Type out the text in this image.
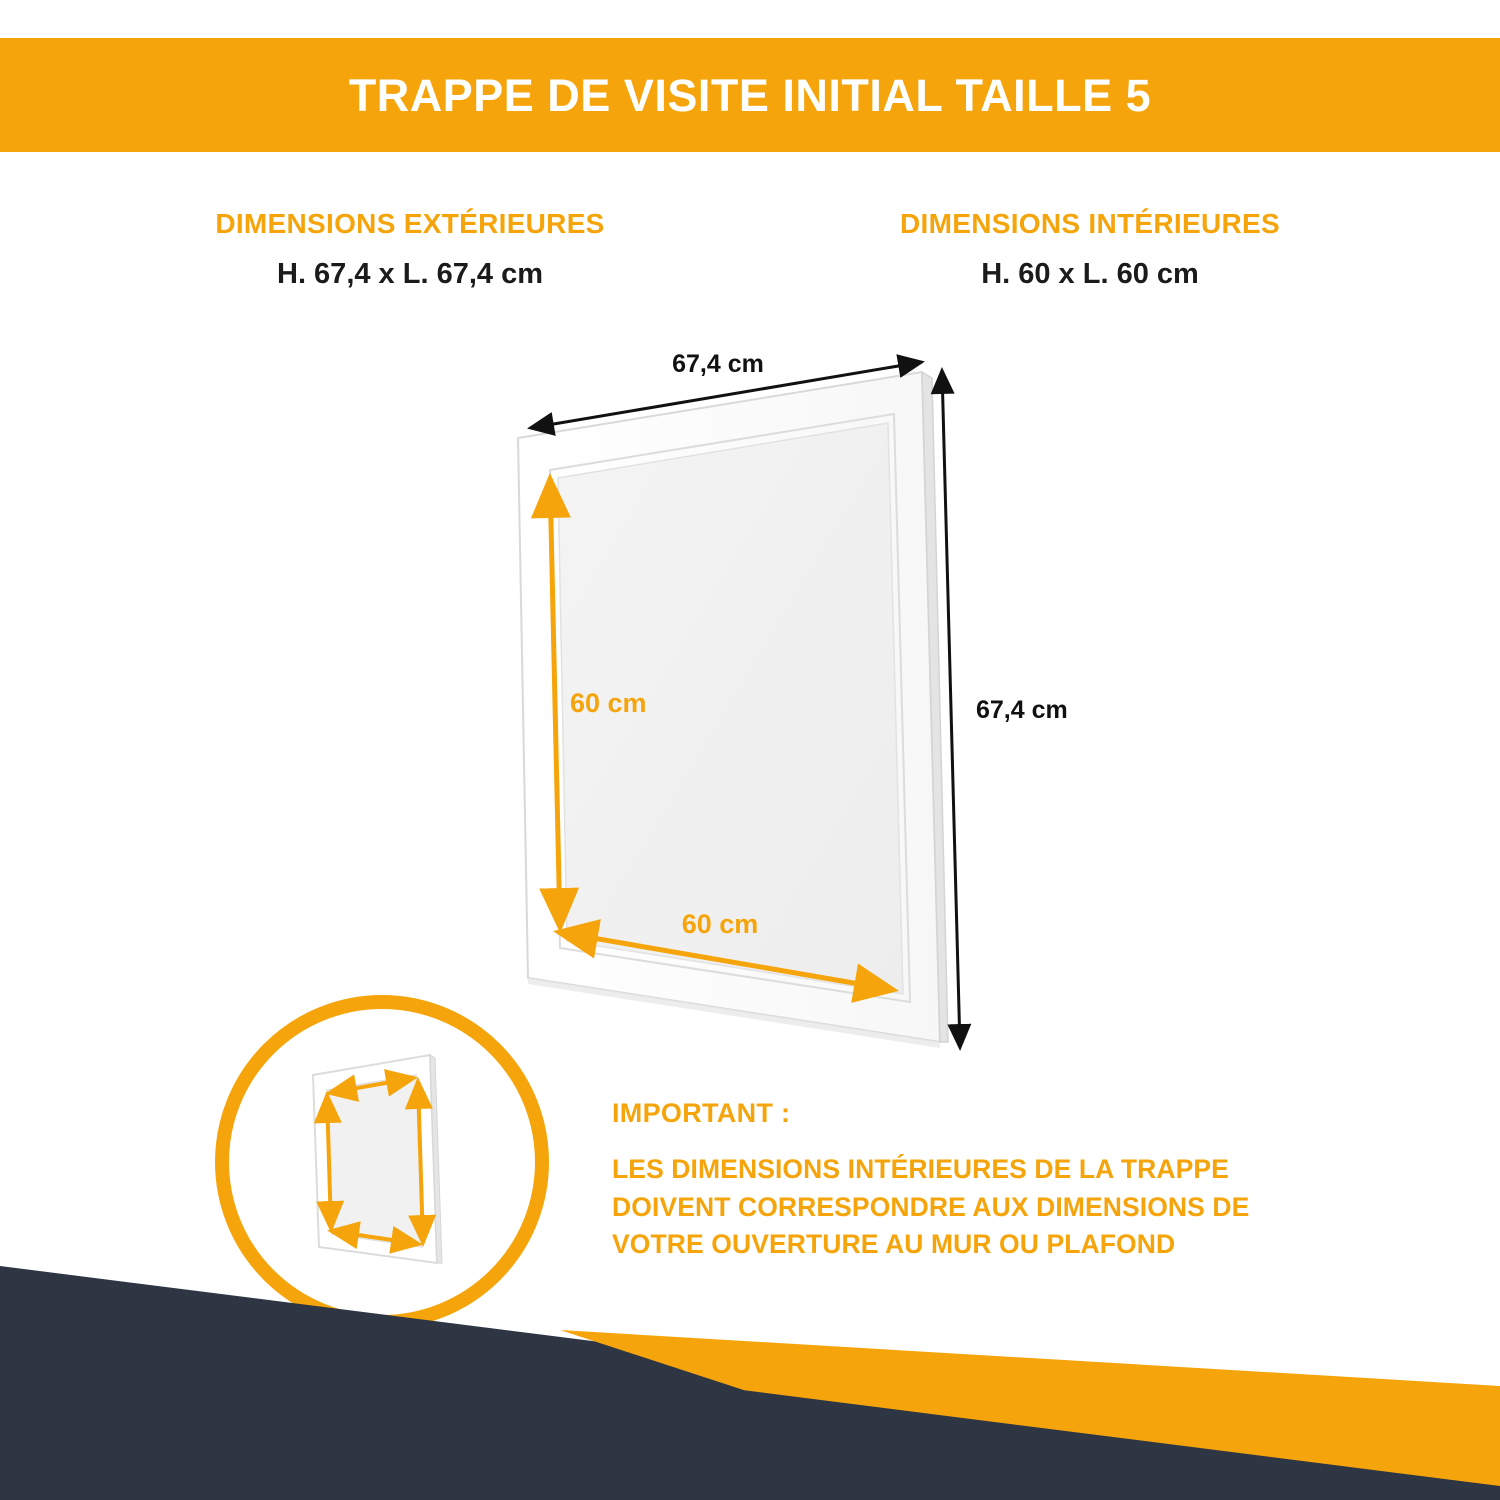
TRAPPE DE VISITE INITIAL TAILLE 5
DIMENSIONS EXTÉRIEURES
H. 67,4 x L. 67,4 cm
DIMENSIONS INTÉRIEURES
H. 60 x L. 60 cm
67,4 cm
67,4 cm
60 cm
60 cm
IMPORTANT :
LES DIMENSIONS INTÉRIEURES DE LA TRAPPE
DOIVENT CORRESPONDRE AUX DIMENSIONS DE
VOTRE OUVERTURE AU MUR OU PLAFOND
